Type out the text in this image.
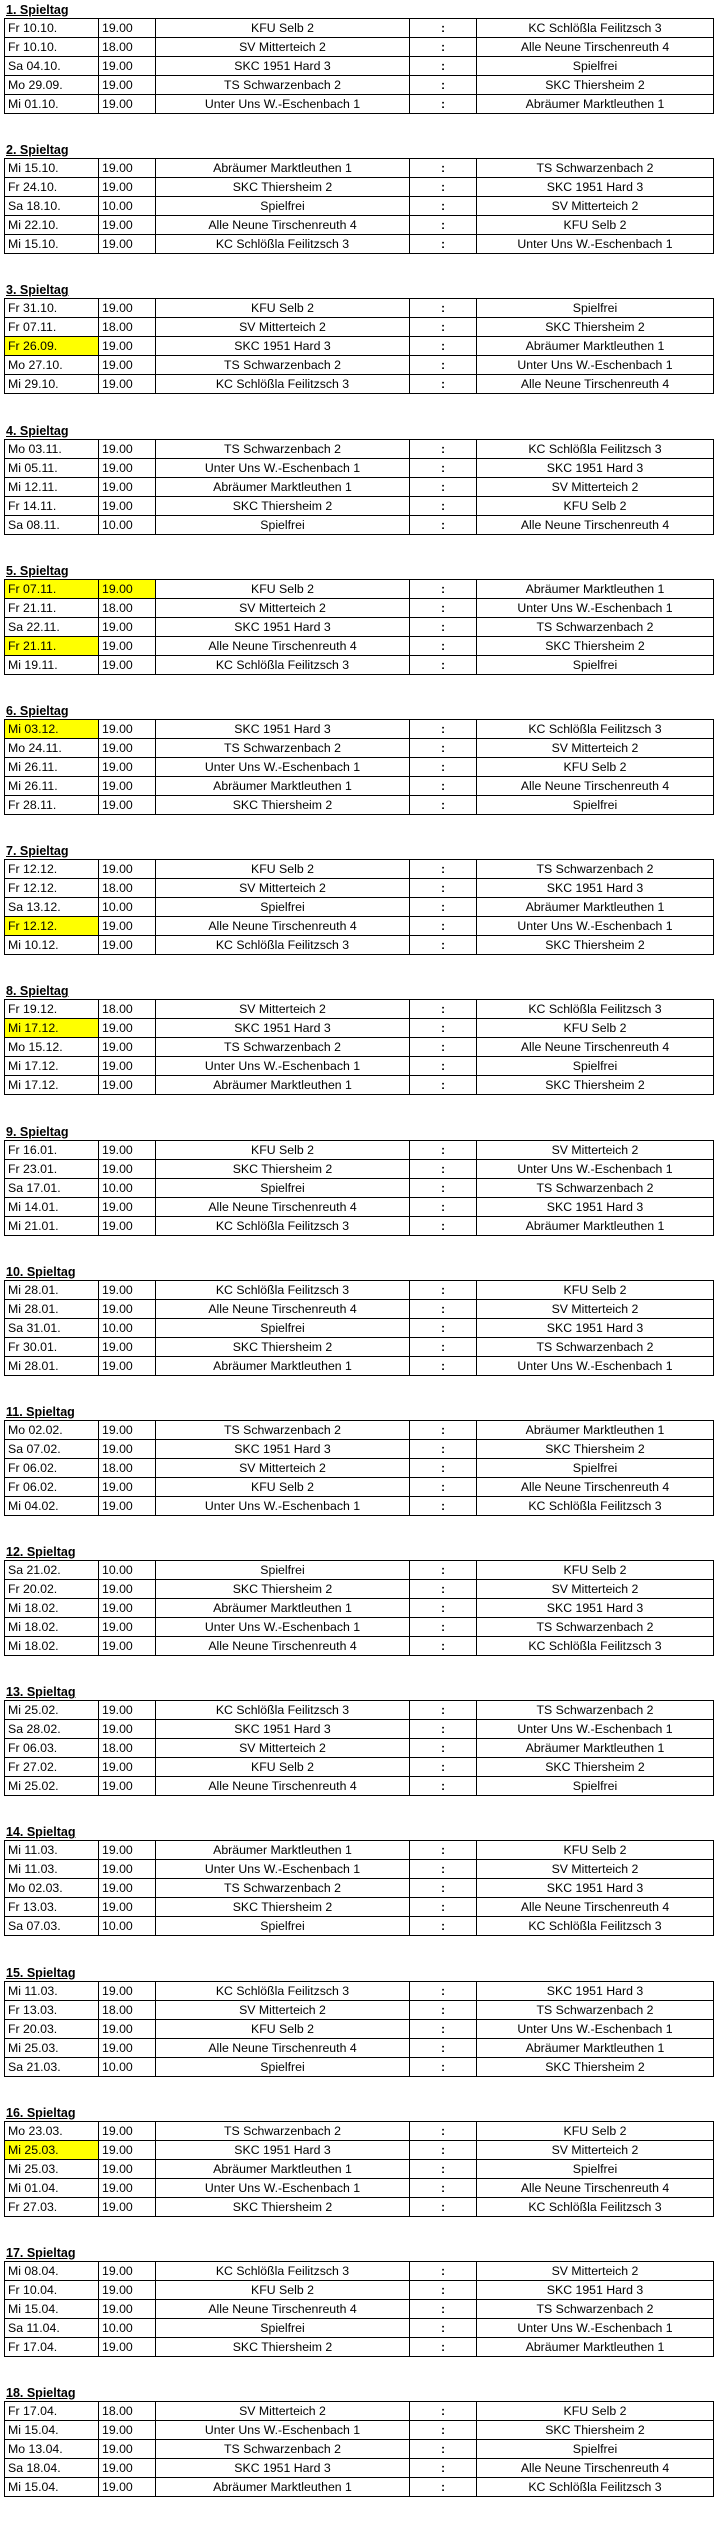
1. Spieltag
Fr 10.10.	19.00	KFU Selb 2	:	KC Schlößla Feilitzsch 3
Fr 10.10.	18.00	SV Mitterteich 2	:	Alle Neune Tirschenreuth 4
Sa 04.10.	19.00	SKC 1951 Hard 3	:	Spielfrei
Mo 29.09.	19.00	TS Schwarzenbach 2	:	SKC Thiersheim 2
Mi 01.10.	19.00	Unter Uns W.-Eschenbach 1	:	Abräumer Marktleuthen 1
2. Spieltag
Mi 15.10.	19.00	Abräumer Marktleuthen 1	:	TS Schwarzenbach 2
Fr 24.10.	19.00	SKC Thiersheim 2	:	SKC 1951 Hard 3
Sa 18.10.	10.00	Spielfrei	:	SV Mitterteich 2
Mi 22.10.	19.00	Alle Neune Tirschenreuth 4	:	KFU Selb 2
Mi 15.10.	19.00	KC Schlößla Feilitzsch 3	:	Unter Uns W.-Eschenbach 1
3. Spieltag
Fr 31.10.	19.00	KFU Selb 2	:	Spielfrei
Fr 07.11.	18.00	SV Mitterteich 2	:	SKC Thiersheim 2
Fr 26.09.	19.00	SKC 1951 Hard 3	:	Abräumer Marktleuthen 1
Mo 27.10.	19.00	TS Schwarzenbach 2	:	Unter Uns W.-Eschenbach 1
Mi 29.10.	19.00	KC Schlößla Feilitzsch 3	:	Alle Neune Tirschenreuth 4
4. Spieltag
Mo 03.11.	19.00	TS Schwarzenbach 2	:	KC Schlößla Feilitzsch 3
Mi 05.11.	19.00	Unter Uns W.-Eschenbach 1	:	SKC 1951 Hard 3
Mi 12.11.	19.00	Abräumer Marktleuthen 1	:	SV Mitterteich 2
Fr 14.11.	19.00	SKC Thiersheim 2	:	KFU Selb 2
Sa 08.11.	10.00	Spielfrei	:	Alle Neune Tirschenreuth 4
5. Spieltag
Fr 07.11.	19.00	KFU Selb 2	:	Abräumer Marktleuthen 1
Fr 21.11.	18.00	SV Mitterteich 2	:	Unter Uns W.-Eschenbach 1
Sa 22.11.	19.00	SKC 1951 Hard 3	:	TS Schwarzenbach 2
Fr 21.11.	19.00	Alle Neune Tirschenreuth 4	:	SKC Thiersheim 2
Mi 19.11.	19.00	KC Schlößla Feilitzsch 3	:	Spielfrei
6. Spieltag
Mi 03.12.	19.00	SKC 1951 Hard 3	:	KC Schlößla Feilitzsch 3
Mo 24.11.	19.00	TS Schwarzenbach 2	:	SV Mitterteich 2
Mi 26.11.	19.00	Unter Uns W.-Eschenbach 1	:	KFU Selb 2
Mi 26.11.	19.00	Abräumer Marktleuthen 1	:	Alle Neune Tirschenreuth 4
Fr 28.11.	19.00	SKC Thiersheim 2	:	Spielfrei
7. Spieltag
Fr 12.12.	19.00	KFU Selb 2	:	TS Schwarzenbach 2
Fr 12.12.	18.00	SV Mitterteich 2	:	SKC 1951 Hard 3
Sa 13.12.	10.00	Spielfrei	:	Abräumer Marktleuthen 1
Fr 12.12.	19.00	Alle Neune Tirschenreuth 4	:	Unter Uns W.-Eschenbach 1
Mi 10.12.	19.00	KC Schlößla Feilitzsch 3	:	SKC Thiersheim 2
8. Spieltag
Fr 19.12.	18.00	SV Mitterteich 2	:	KC Schlößla Feilitzsch 3
Mi 17.12.	19.00	SKC 1951 Hard 3	:	KFU Selb 2
Mo 15.12.	19.00	TS Schwarzenbach 2	:	Alle Neune Tirschenreuth 4
Mi 17.12.	19.00	Unter Uns W.-Eschenbach 1	:	Spielfrei
Mi 17.12.	19.00	Abräumer Marktleuthen 1	:	SKC Thiersheim 2
9. Spieltag
Fr 16.01.	19.00	KFU Selb 2	:	SV Mitterteich 2
Fr 23.01.	19.00	SKC Thiersheim 2	:	Unter Uns W.-Eschenbach 1
Sa 17.01.	10.00	Spielfrei	:	TS Schwarzenbach 2
Mi 14.01.	19.00	Alle Neune Tirschenreuth 4	:	SKC 1951 Hard 3
Mi 21.01.	19.00	KC Schlößla Feilitzsch 3	:	Abräumer Marktleuthen 1
10. Spieltag
Mi 28.01.	19.00	KC Schlößla Feilitzsch 3	:	KFU Selb 2
Mi 28.01.	19.00	Alle Neune Tirschenreuth 4	:	SV Mitterteich 2
Sa 31.01.	10.00	Spielfrei	:	SKC 1951 Hard 3
Fr 30.01.	19.00	SKC Thiersheim 2	:	TS Schwarzenbach 2
Mi 28.01.	19.00	Abräumer Marktleuthen 1	:	Unter Uns W.-Eschenbach 1
11. Spieltag
Mo 02.02.	19.00	TS Schwarzenbach 2	:	Abräumer Marktleuthen 1
Sa 07.02.	19.00	SKC 1951 Hard 3	:	SKC Thiersheim 2
Fr 06.02.	18.00	SV Mitterteich 2	:	Spielfrei
Fr 06.02.	19.00	KFU Selb 2	:	Alle Neune Tirschenreuth 4
Mi 04.02.	19.00	Unter Uns W.-Eschenbach 1	:	KC Schlößla Feilitzsch 3
12. Spieltag
Sa 21.02.	10.00	Spielfrei	:	KFU Selb 2
Fr 20.02.	19.00	SKC Thiersheim 2	:	SV Mitterteich 2
Mi 18.02.	19.00	Abräumer Marktleuthen 1	:	SKC 1951 Hard 3
Mi 18.02.	19.00	Unter Uns W.-Eschenbach 1	:	TS Schwarzenbach 2
Mi 18.02.	19.00	Alle Neune Tirschenreuth 4	:	KC Schlößla Feilitzsch 3
13. Spieltag
Mi 25.02.	19.00	KC Schlößla Feilitzsch 3	:	TS Schwarzenbach 2
Sa 28.02.	19.00	SKC 1951 Hard 3	:	Unter Uns W.-Eschenbach 1
Fr 06.03.	18.00	SV Mitterteich 2	:	Abräumer Marktleuthen 1
Fr 27.02.	19.00	KFU Selb 2	:	SKC Thiersheim 2
Mi 25.02.	19.00	Alle Neune Tirschenreuth 4	:	Spielfrei
14. Spieltag
Mi 11.03.	19.00	Abräumer Marktleuthen 1	:	KFU Selb 2
Mi 11.03.	19.00	Unter Uns W.-Eschenbach 1	:	SV Mitterteich 2
Mo 02.03.	19.00	TS Schwarzenbach 2	:	SKC 1951 Hard 3
Fr 13.03.	19.00	SKC Thiersheim 2	:	Alle Neune Tirschenreuth 4
Sa 07.03.	10.00	Spielfrei	:	KC Schlößla Feilitzsch 3
15. Spieltag
Mi 11.03.	19.00	KC Schlößla Feilitzsch 3	:	SKC 1951 Hard 3
Fr 13.03.	18.00	SV Mitterteich 2	:	TS Schwarzenbach 2
Fr 20.03.	19.00	KFU Selb 2	:	Unter Uns W.-Eschenbach 1
Mi 25.03.	19.00	Alle Neune Tirschenreuth 4	:	Abräumer Marktleuthen 1
Sa 21.03.	10.00	Spielfrei	:	SKC Thiersheim 2
16. Spieltag
Mo 23.03.	19.00	TS Schwarzenbach 2	:	KFU Selb 2
Mi 25.03.	19.00	SKC 1951 Hard 3	:	SV Mitterteich 2
Mi 25.03.	19.00	Abräumer Marktleuthen 1	:	Spielfrei
Mi 01.04.	19.00	Unter Uns W.-Eschenbach 1	:	Alle Neune Tirschenreuth 4
Fr 27.03.	19.00	SKC Thiersheim 2	:	KC Schlößla Feilitzsch 3
17. Spieltag
Mi 08.04.	19.00	KC Schlößla Feilitzsch 3	:	SV Mitterteich 2
Fr 10.04.	19.00	KFU Selb 2	:	SKC 1951 Hard 3
Mi 15.04.	19.00	Alle Neune Tirschenreuth 4	:	TS Schwarzenbach 2
Sa 11.04.	10.00	Spielfrei	:	Unter Uns W.-Eschenbach 1
Fr 17.04.	19.00	SKC Thiersheim 2	:	Abräumer Marktleuthen 1
18. Spieltag
Fr 17.04.	18.00	SV Mitterteich 2	:	KFU Selb 2
Mi 15.04.	19.00	Unter Uns W.-Eschenbach 1	:	SKC Thiersheim 2
Mo 13.04.	19.00	TS Schwarzenbach 2	:	Spielfrei
Sa 18.04.	19.00	SKC 1951 Hard 3	:	Alle Neune Tirschenreuth 4
Mi 15.04.	19.00	Abräumer Marktleuthen 1	:	KC Schlößla Feilitzsch 3
